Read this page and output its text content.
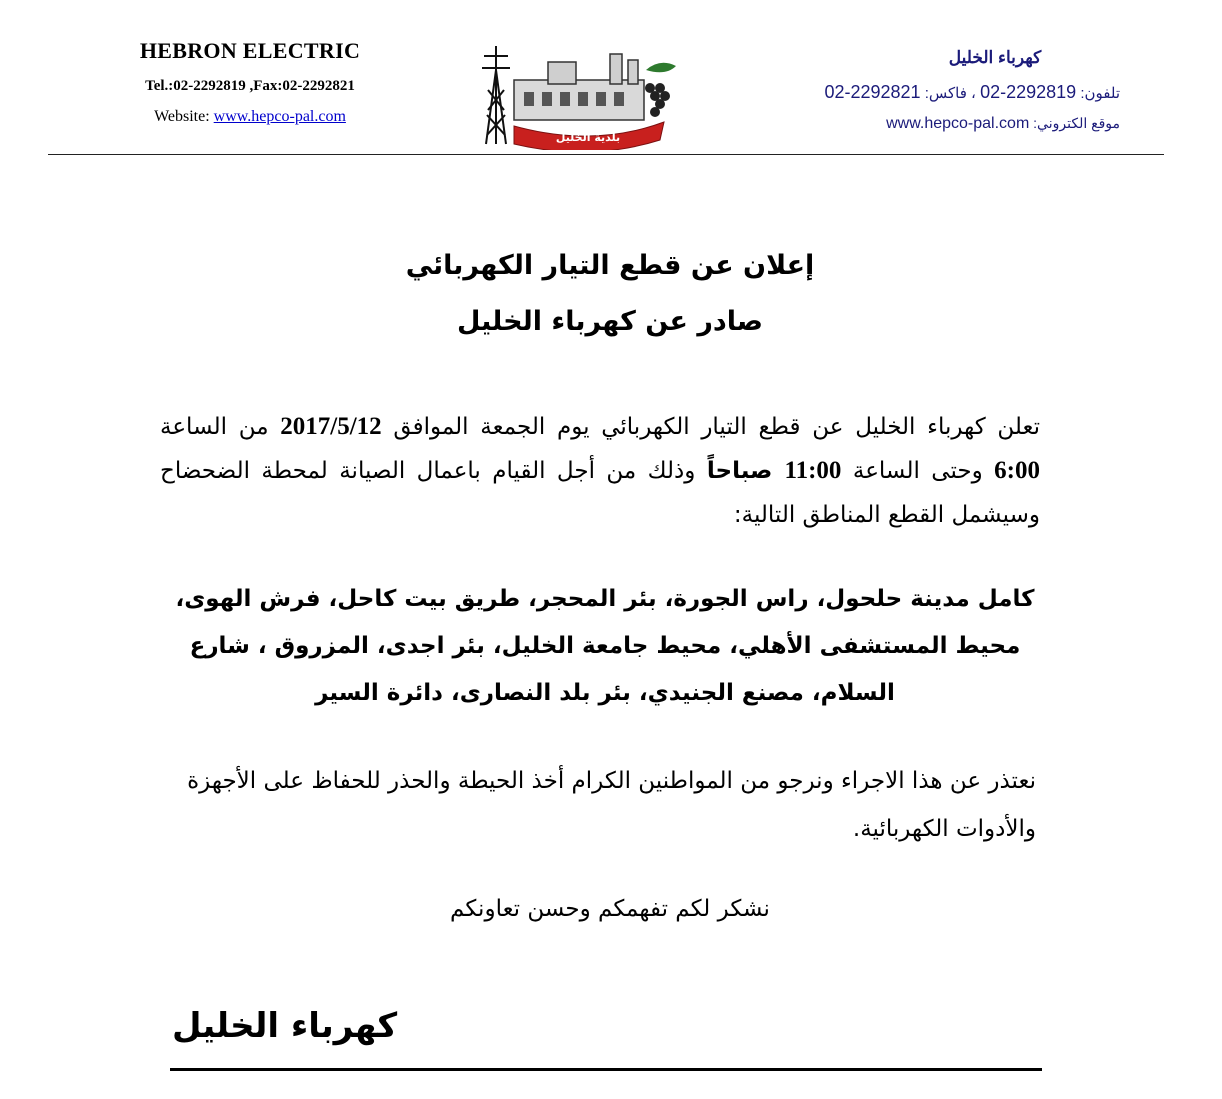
HEBRON ELECTRIC
Tel.:02-2292819 ,Fax:02-2292821
Website: www.hepco-pal.com
بلدية الخليل
كهرباء الخليل
تلفون: 02-2292819 ، فاكس: 02-2292821
موقع الكتروني: www.hepco-pal.com
إعلان عن قطع التيار الكهربائي
صادر عن كهرباء الخليل
تعلن كهرباء الخليل عن قطع التيار الكهربائي يوم الجمعة الموافق 2017/5/12 من الساعة 6:00 وحتى الساعة 11:00 صباحاً وذلك من أجل القيام باعمال الصيانة لمحطة الضحضاح وسيشمل القطع المناطق التالية:
كامل مدينة حلحول، راس الجورة، بئر المحجر، طريق بيت كاحل، فرش الهوى، محيط المستشفى الأهلي، محيط جامعة الخليل، بئر اجدى، المزروق ، شارع السلام، مصنع الجنيدي، بئر بلد النصارى، دائرة السير
نعتذر عن هذا الاجراء ونرجو من المواطنين الكرام أخذ الحيطة والحذر للحفاظ على الأجهزة والأدوات الكهربائية.
نشكر لكم تفهمكم وحسن تعاونكم
كهرباء الخليل
